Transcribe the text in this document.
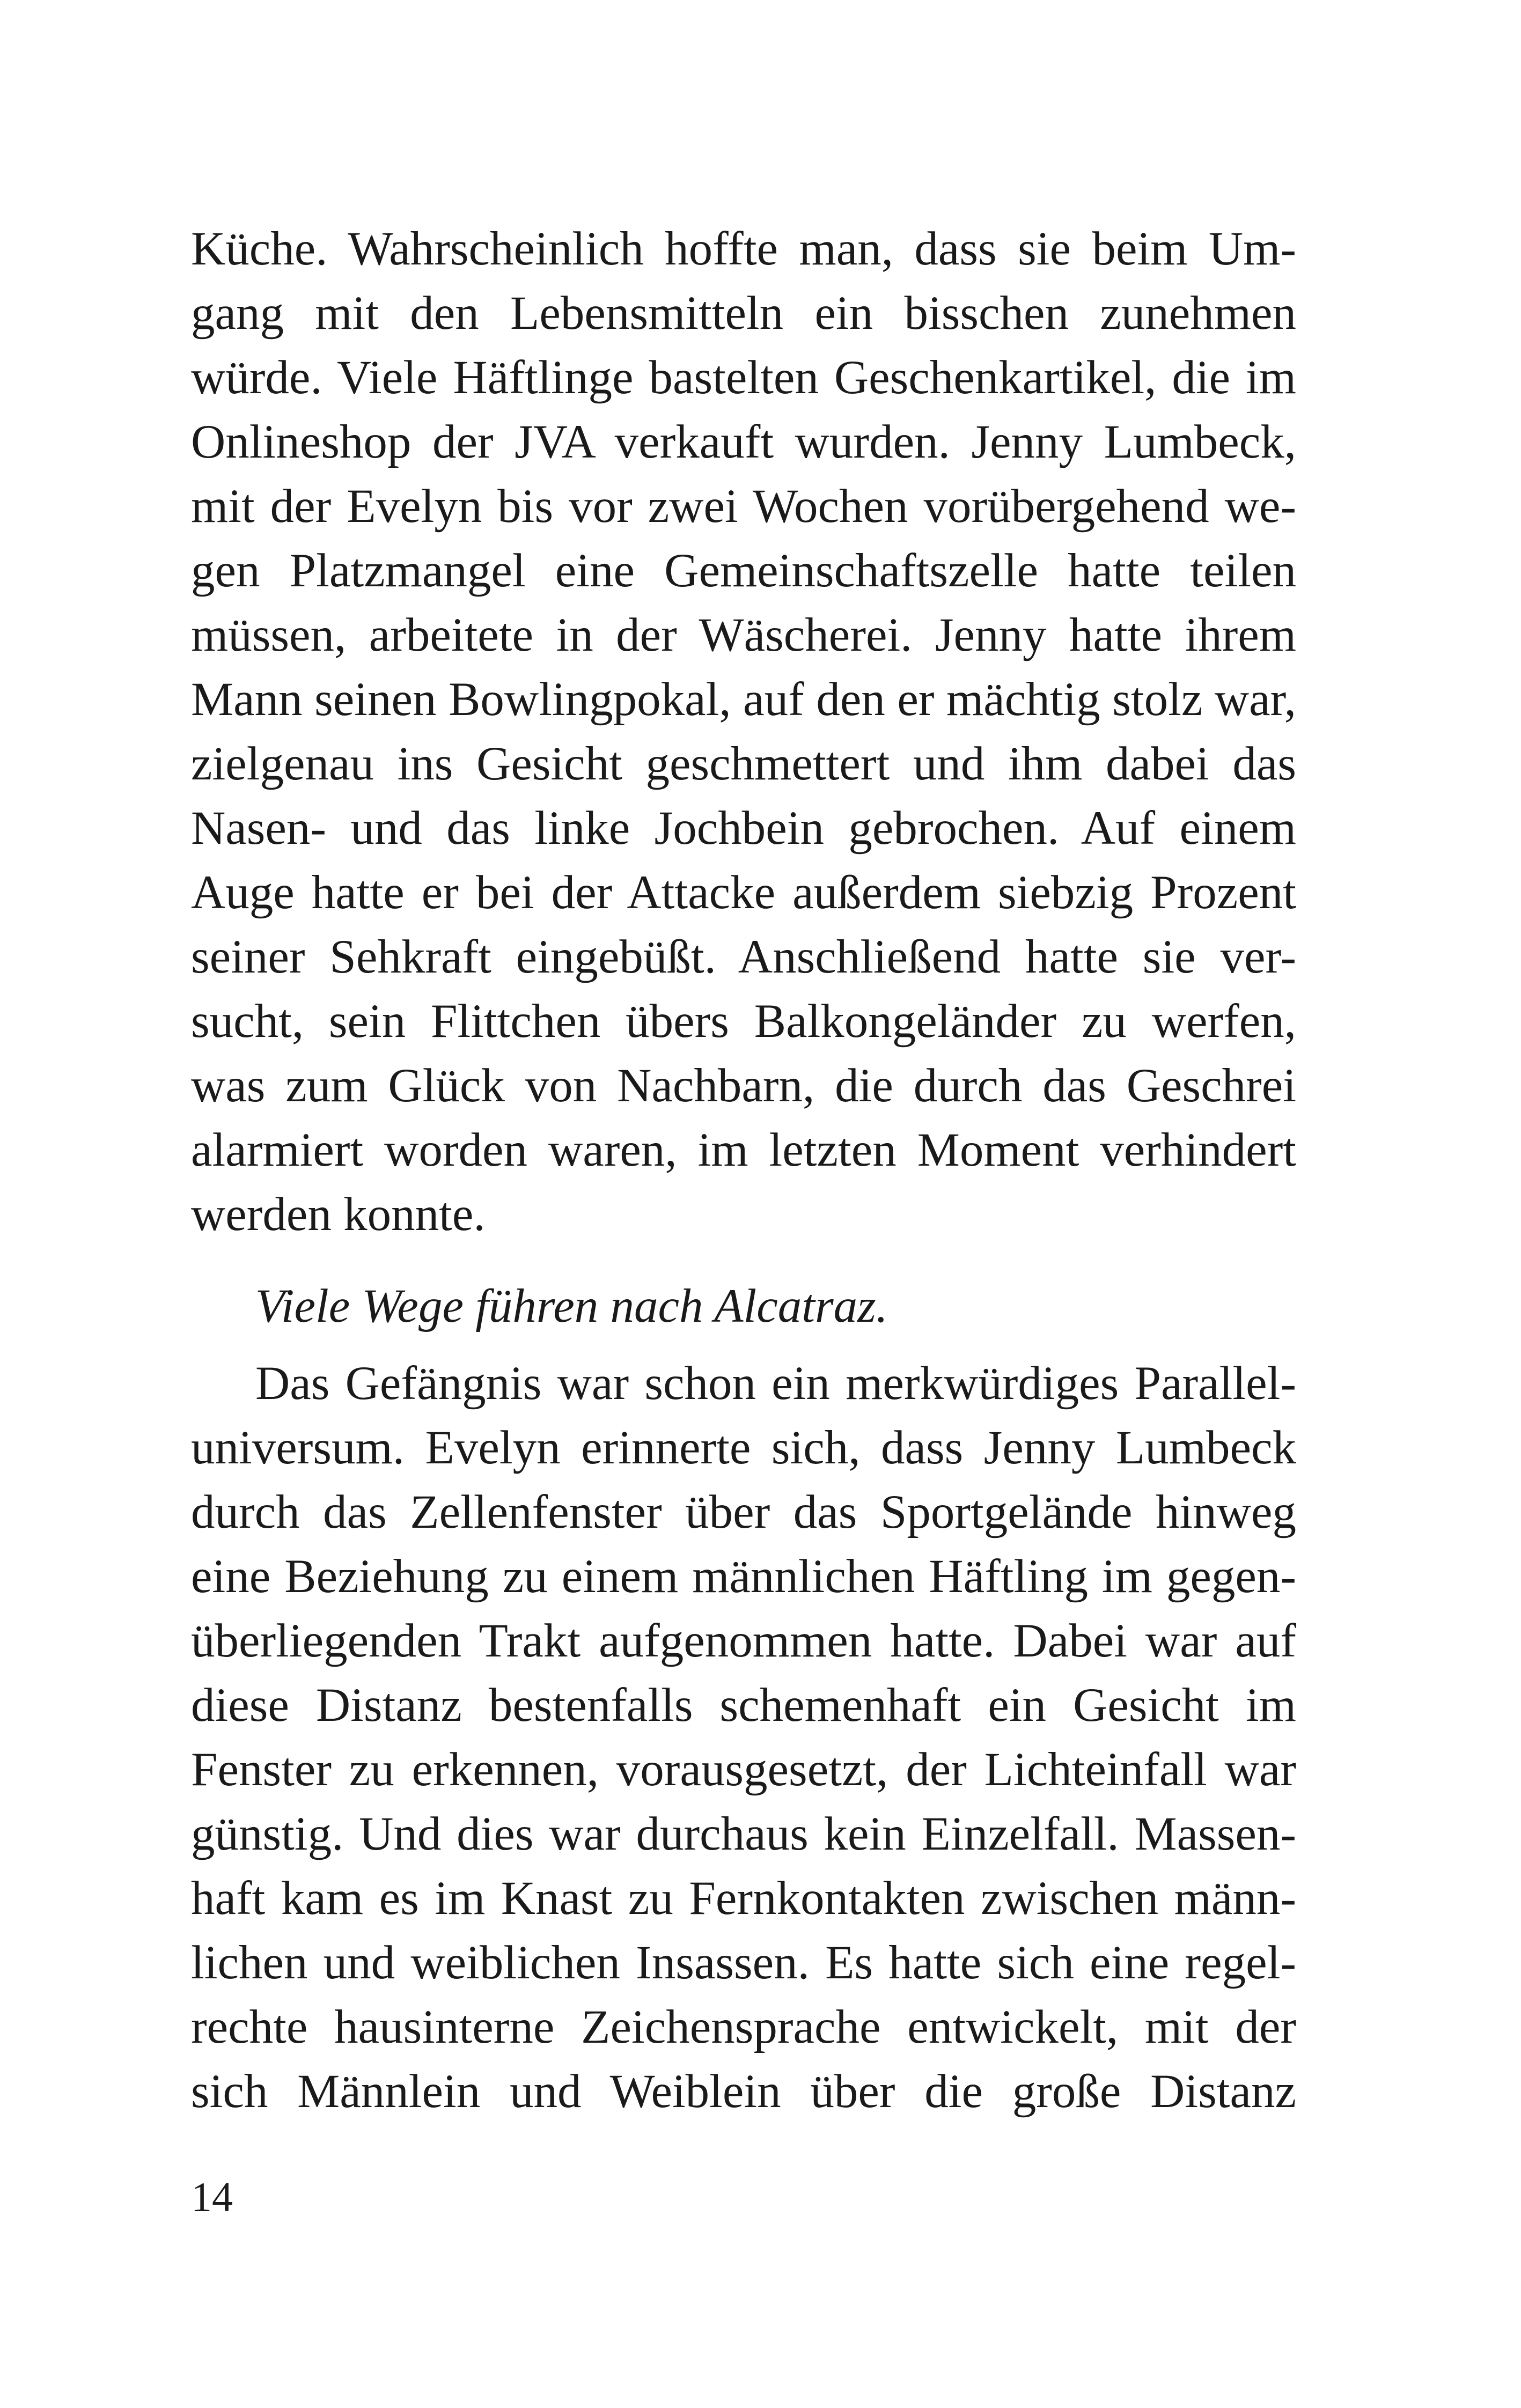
Küche. Wahrscheinlich hoffte man, dass sie beim Um-
gang mit den Lebensmitteln ein bisschen zunehmen
würde. Viele Häftlinge bastelten Geschenkartikel, die im
Onlineshop der JVA verkauft wurden. Jenny Lumbeck,
mit der Evelyn bis vor zwei Wochen vorübergehend we-
gen Platzmangel eine Gemeinschaftszelle hatte teilen
müssen, arbeitete in der Wäscherei. Jenny hatte ihrem
Mann seinen Bowlingpokal, auf den er mächtig stolz war,
zielgenau ins Gesicht geschmettert und ihm dabei das
Nasen- und das linke Jochbein gebrochen. Auf einem
Auge hatte er bei der Attacke außerdem siebzig Prozent
seiner Sehkraft eingebüßt. Anschließend hatte sie ver-
sucht, sein Flittchen übers Balkongeländer zu werfen,
was zum Glück von Nachbarn, die durch das Geschrei
alarmiert worden waren, im letzten Moment verhindert
werden konnte.
Viele Wege führen nach Alcatraz.
Das Gefängnis war schon ein merkwürdiges Parallel-
universum. Evelyn erinnerte sich, dass Jenny Lumbeck
durch das Zellenfenster über das Sportgelände hinweg
eine Beziehung zu einem männlichen Häftling im gegen-
überliegenden Trakt aufgenommen hatte. Dabei war auf
diese Distanz bestenfalls schemenhaft ein Gesicht im
Fenster zu erkennen, vorausgesetzt, der Lichteinfall war
günstig. Und dies war durchaus kein Einzelfall. Massen-
haft kam es im Knast zu Fernkontakten zwischen männ-
lichen und weiblichen Insassen. Es hatte sich eine regel-
rechte hausinterne Zeichensprache entwickelt, mit der
sich Männlein und Weiblein über die große Distanz
14
